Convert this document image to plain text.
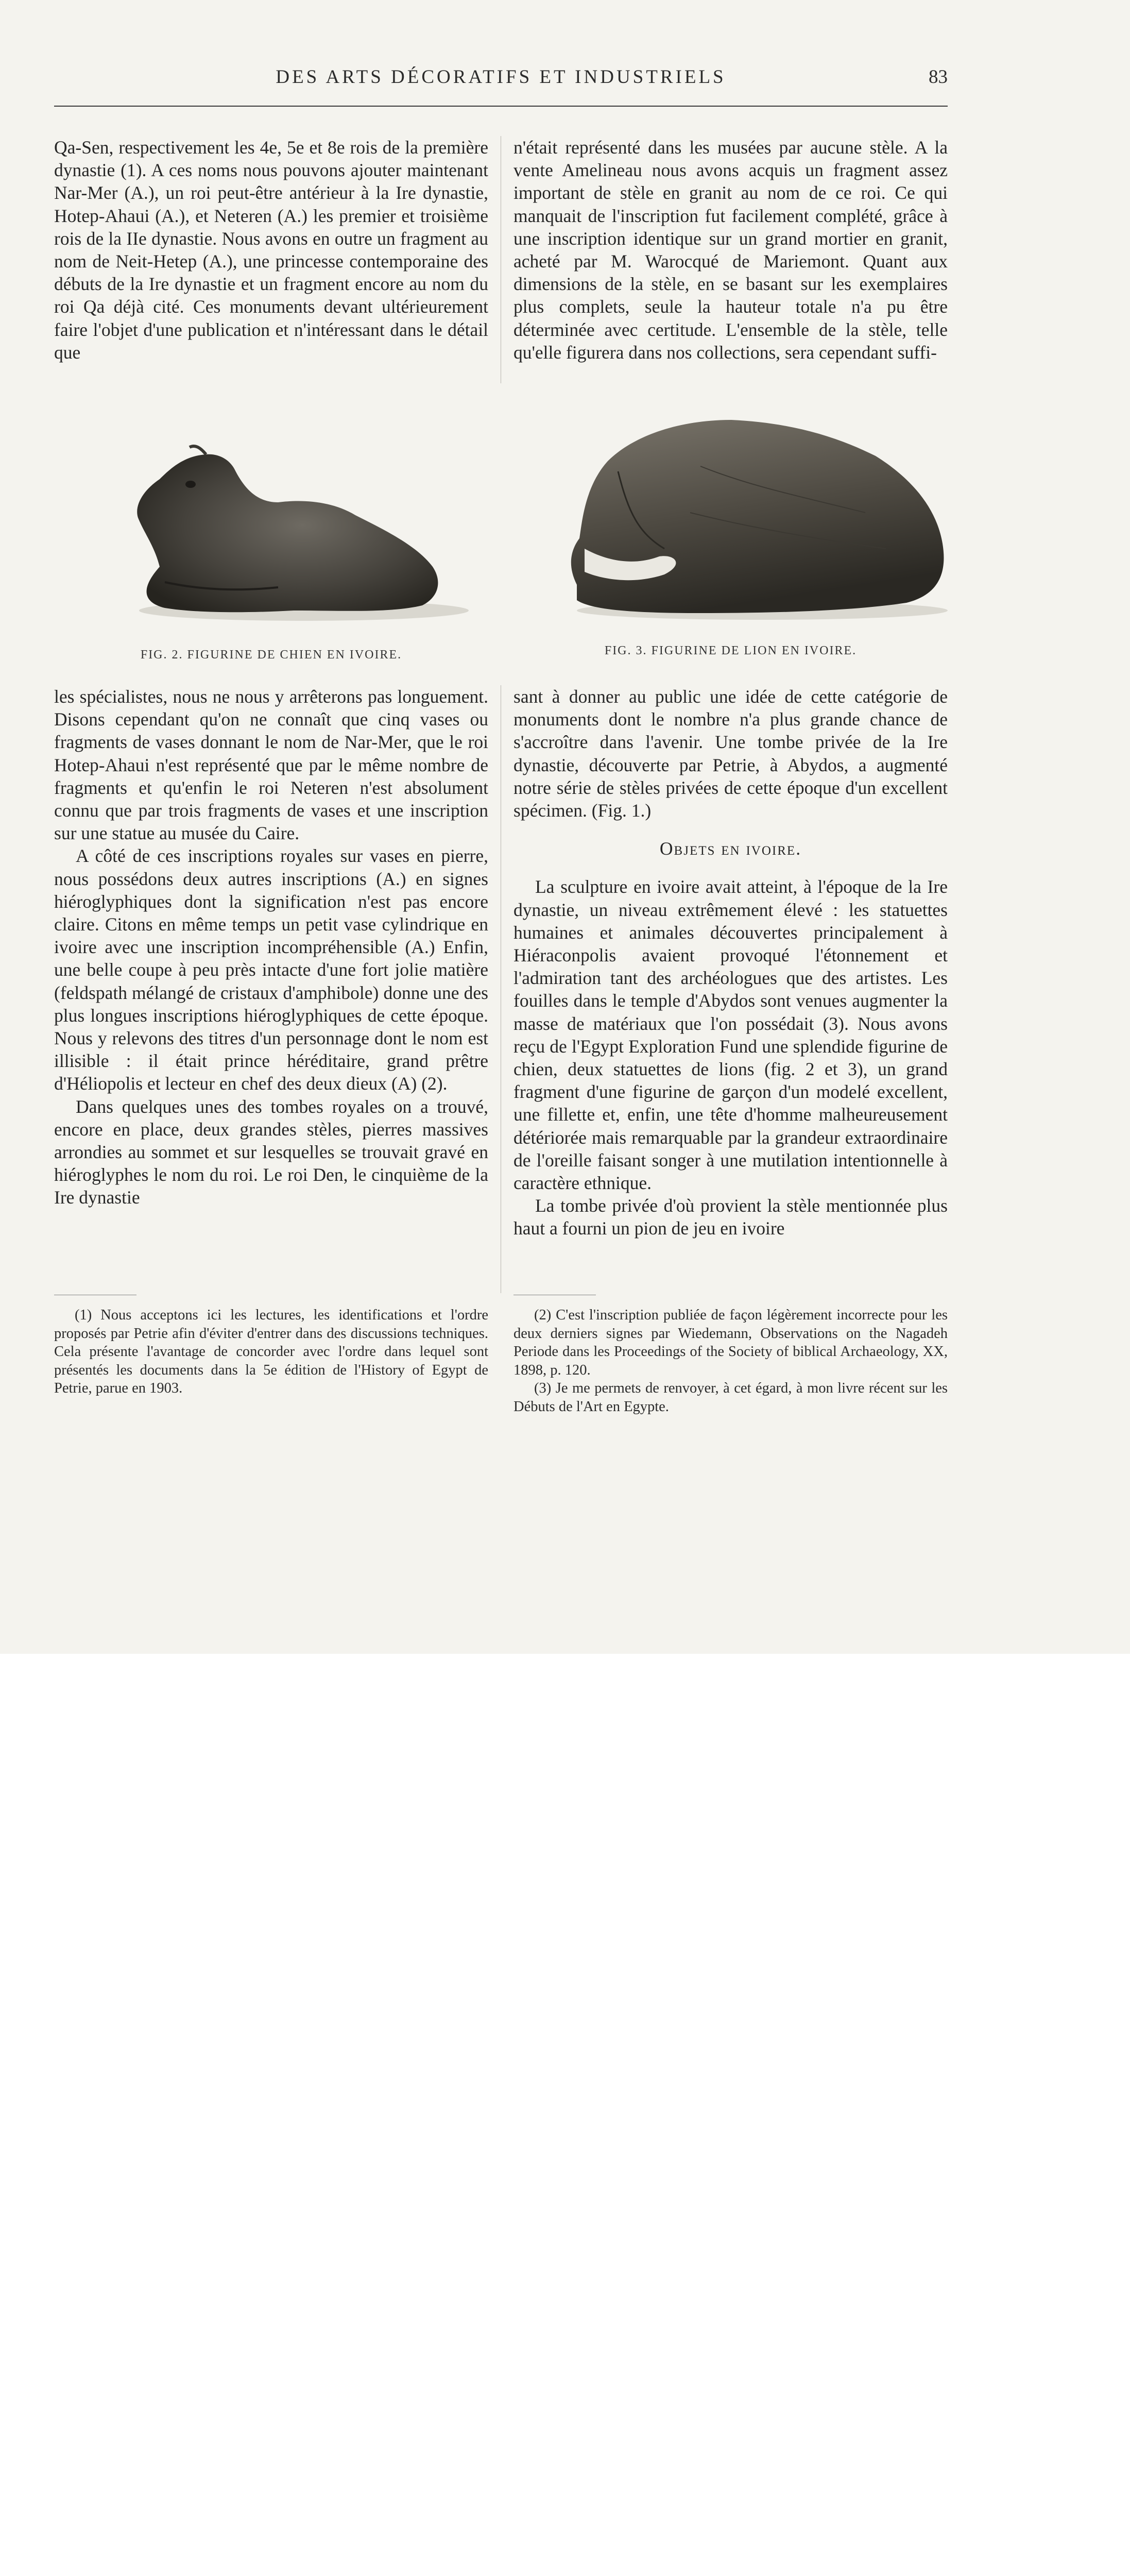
DES ARTS DÉCORATIFS ET INDUSTRIELS	83

Qa-Sen, respectivement les 4e, 5e et 8e rois de la première dynastie (1). A ces noms nous pouvons ajouter maintenant Nar-Mer (A.), un roi peut-être antérieur à la Ire dynastie, Hotep-Ahaui (A.), et Neteren (A.) les premier et troisième rois de la IIe dynastie. Nous avons en outre un fragment au nom de Neit-Hetep (A.), une princesse contemporaine des débuts de la Ire dynastie et un fragment encore au nom du roi Qa déjà cité. Ces monuments devant ultérieurement faire l'objet d'une publication et n'intéressant dans le détail que

n'était représenté dans les musées par aucune stèle. A la vente Amelineau nous avons acquis un fragment assez important de stèle en granit au nom de ce roi. Ce qui manquait de l'inscription fut facilement complété, grâce à une inscription identique sur un grand mortier en granit, acheté par M. Warocqué de Mariemont. Quant aux dimensions de la stèle, en se basant sur les exemplaires plus complets, seule la hauteur totale n'a pu être déterminée avec certitude. L'ensemble de la stèle, telle qu'elle figurera dans nos collections, sera cependant suffi-

FIG. 2. FIGURINE DE CHIEN EN IVOIRE.	FIG. 3. FIGURINE DE LION EN IVOIRE.

les spécialistes, nous ne nous y arrêterons pas longuement. Disons cependant qu'on ne connaît que cinq vases ou fragments de vases donnant le nom de Nar-Mer, que le roi Hotep-Ahaui n'est représenté que par le même nombre de fragments et qu'enfin le roi Neteren n'est absolument connu que par trois fragments de vases et une inscription sur une statue au musée du Caire.

A côté de ces inscriptions royales sur vases en pierre, nous possédons deux autres inscriptions (A.) en signes hiéroglyphiques dont la signification n'est pas encore claire. Citons en même temps un petit vase cylindrique en ivoire avec une inscription incompréhensible (A.) Enfin, une belle coupe à peu près intacte d'une fort jolie matière (feldspath mélangé de cristaux d'amphibole) donne une des plus longues inscriptions hiéroglyphiques de cette époque. Nous y relevons des titres d'un personnage dont le nom est illisible : il était prince héréditaire, grand prêtre d'Héliopolis et lecteur en chef des deux dieux (A) (2).

Dans quelques unes des tombes royales on a trouvé, encore en place, deux grandes stèles, pierres massives arrondies au sommet et sur lesquelles se trouvait gravé en hiéroglyphes le nom du roi. Le roi Den, le cinquième de la Ire dynastie

sant à donner au public une idée de cette catégorie de monuments dont le nombre n'a plus grande chance de s'accroître dans l'avenir. Une tombe privée de la Ire dynastie, découverte par Petrie, à Abydos, a augmenté notre série de stèles privées de cette époque d'un excellent spécimen. (Fig. 1.)

Objets en ivoire.

La sculpture en ivoire avait atteint, à l'époque de la Ire dynastie, un niveau extrêmement élevé : les statuettes humaines et animales découvertes principalement à Hiéraconpolis avaient provoqué l'étonnement et l'admiration tant des archéologues que des artistes. Les fouilles dans le temple d'Abydos sont venues augmenter la masse de matériaux que l'on possédait (3). Nous avons reçu de l'Egypt Exploration Fund une splendide figurine de chien, deux statuettes de lions (fig. 2 et 3), un grand fragment d'une figurine de garçon d'un modelé excellent, une fillette et, enfin, une tête d'homme malheureusement détériorée mais remarquable par la grandeur extraordinaire de l'oreille faisant songer à une mutilation intentionnelle à caractère ethnique.

La tombe privée d'où provient la stèle mentionnée plus haut a fourni un pion de jeu en ivoire

(1) Nous acceptons ici les lectures, les identifications et l'ordre proposés par Petrie afin d'éviter d'entrer dans des discussions techniques. Cela présente l'avantage de concorder avec l'ordre dans lequel sont présentés les documents dans la 5e édition de l'History of Egypt de Petrie, parue en 1903.

(2) C'est l'inscription publiée de façon légèrement incorrecte pour les deux derniers signes par Wiedemann, Observations on the Nagadeh Periode dans les Proceedings of the Society of biblical Archaeology, XX, 1898, p. 120.

(3) Je me permets de renvoyer, à cet égard, à mon livre récent sur les Débuts de l'Art en Egypte.
